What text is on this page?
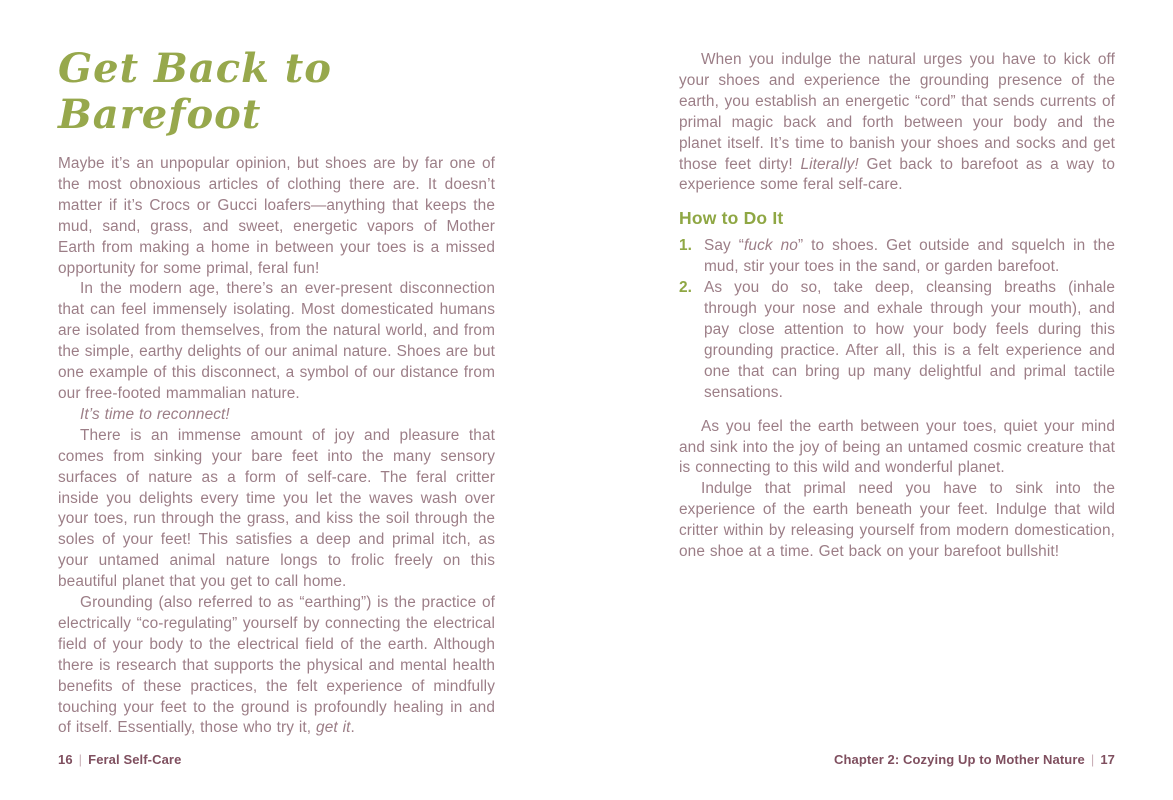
Get Back to Barefoot
Maybe it’s an unpopular opinion, but shoes are by far one of the most obnoxious articles of clothing there are. It doesn’t matter if it’s Crocs or Gucci loafers—anything that keeps the mud, sand, grass, and sweet, energetic vapors of Mother Earth from making a home in between your toes is a missed opportunity for some primal, feral fun!
In the modern age, there’s an ever-present disconnection that can feel immensely isolating. Most domesticated humans are isolated from themselves, from the natural world, and from the simple, earthy delights of our animal nature. Shoes are but one example of this disconnect, a symbol of our distance from our free-footed mammalian nature.
It’s time to reconnect!
There is an immense amount of joy and pleasure that comes from sinking your bare feet into the many sensory surfaces of nature as a form of self-care. The feral critter inside you delights every time you let the waves wash over your toes, run through the grass, and kiss the soil through the soles of your feet! This satisfies a deep and primal itch, as your untamed animal nature longs to frolic freely on this beautiful planet that you get to call home.
Grounding (also referred to as “earthing”) is the practice of electrically “co-regulating” yourself by connecting the electrical field of your body to the electrical field of the earth. Although there is research that supports the physical and mental health benefits of these practices, the felt experience of mindfully touching your feet to the ground is profoundly healing in and of itself. Essentially, those who try it, get it.
When you indulge the natural urges you have to kick off your shoes and experience the grounding presence of the earth, you establish an energetic “cord” that sends currents of primal magic back and forth between your body and the planet itself. It’s time to banish your shoes and socks and get those feet dirty! Literally! Get back to barefoot as a way to experience some feral self-care.
How to Do It
1. Say “fuck no” to shoes. Get outside and squelch in the mud, stir your toes in the sand, or garden barefoot.
2. As you do so, take deep, cleansing breaths (inhale through your nose and exhale through your mouth), and pay close attention to how your body feels during this grounding practice. After all, this is a felt experience and one that can bring up many delightful and primal tactile sensations.
As you feel the earth between your toes, quiet your mind and sink into the joy of being an untamed cosmic creature that is connecting to this wild and wonderful planet.
Indulge that primal need you have to sink into the experience of the earth beneath your feet. Indulge that wild critter within by releasing yourself from modern domestication, one shoe at a time. Get back on your barefoot bullshit!
16 | Feral Self-Care	Chapter 2: Cozying Up to Mother Nature | 17
